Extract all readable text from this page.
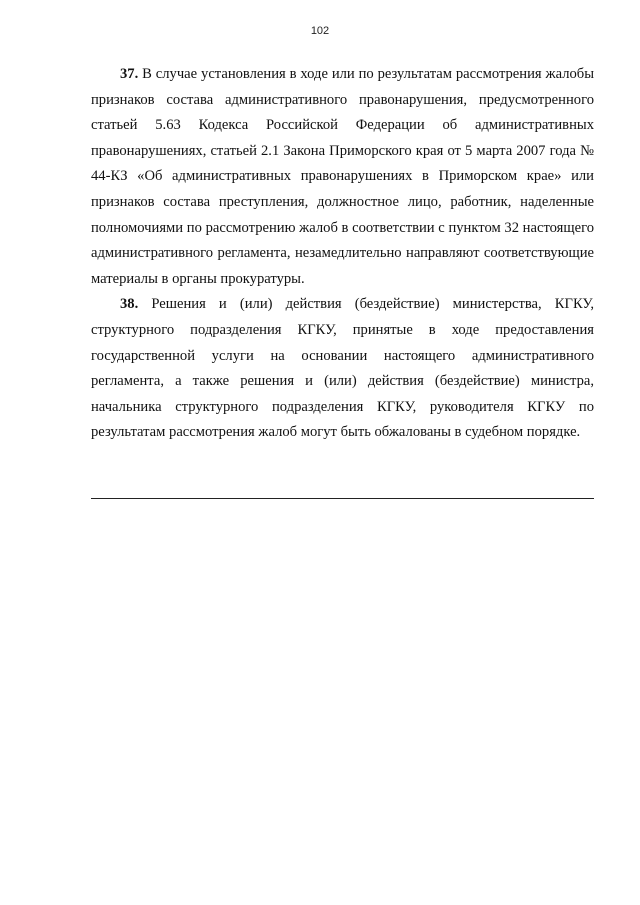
102

37. В случае установления в ходе или по результатам рассмотрения жалобы признаков состава административного правонарушения, предусмотренного статьей 5.63 Кодекса Российской Федерации об административных правонарушениях, статьей 2.1 Закона Приморского края от 5 марта 2007 года № 44-КЗ «Об административных правонарушениях в Приморском крае» или признаков состава преступления, должностное лицо, работник, наделенные полномочиями по рассмотрению жалоб в соответствии с пунктом 32 настоящего административного регламента, незамедлительно направляют соответствующие материалы в органы прокуратуры.

38. Решения и (или) действия (бездействие) министерства, КГКУ, структурного подразделения КГКУ, принятые в ходе предоставления государственной услуги на основании настоящего административного регламента, а также решения и (или) действия (бездействие) министра, начальника структурного подразделения КГКУ, руководителя КГКУ по результатам рассмотрения жалоб могут быть обжалованы в судебном порядке.
